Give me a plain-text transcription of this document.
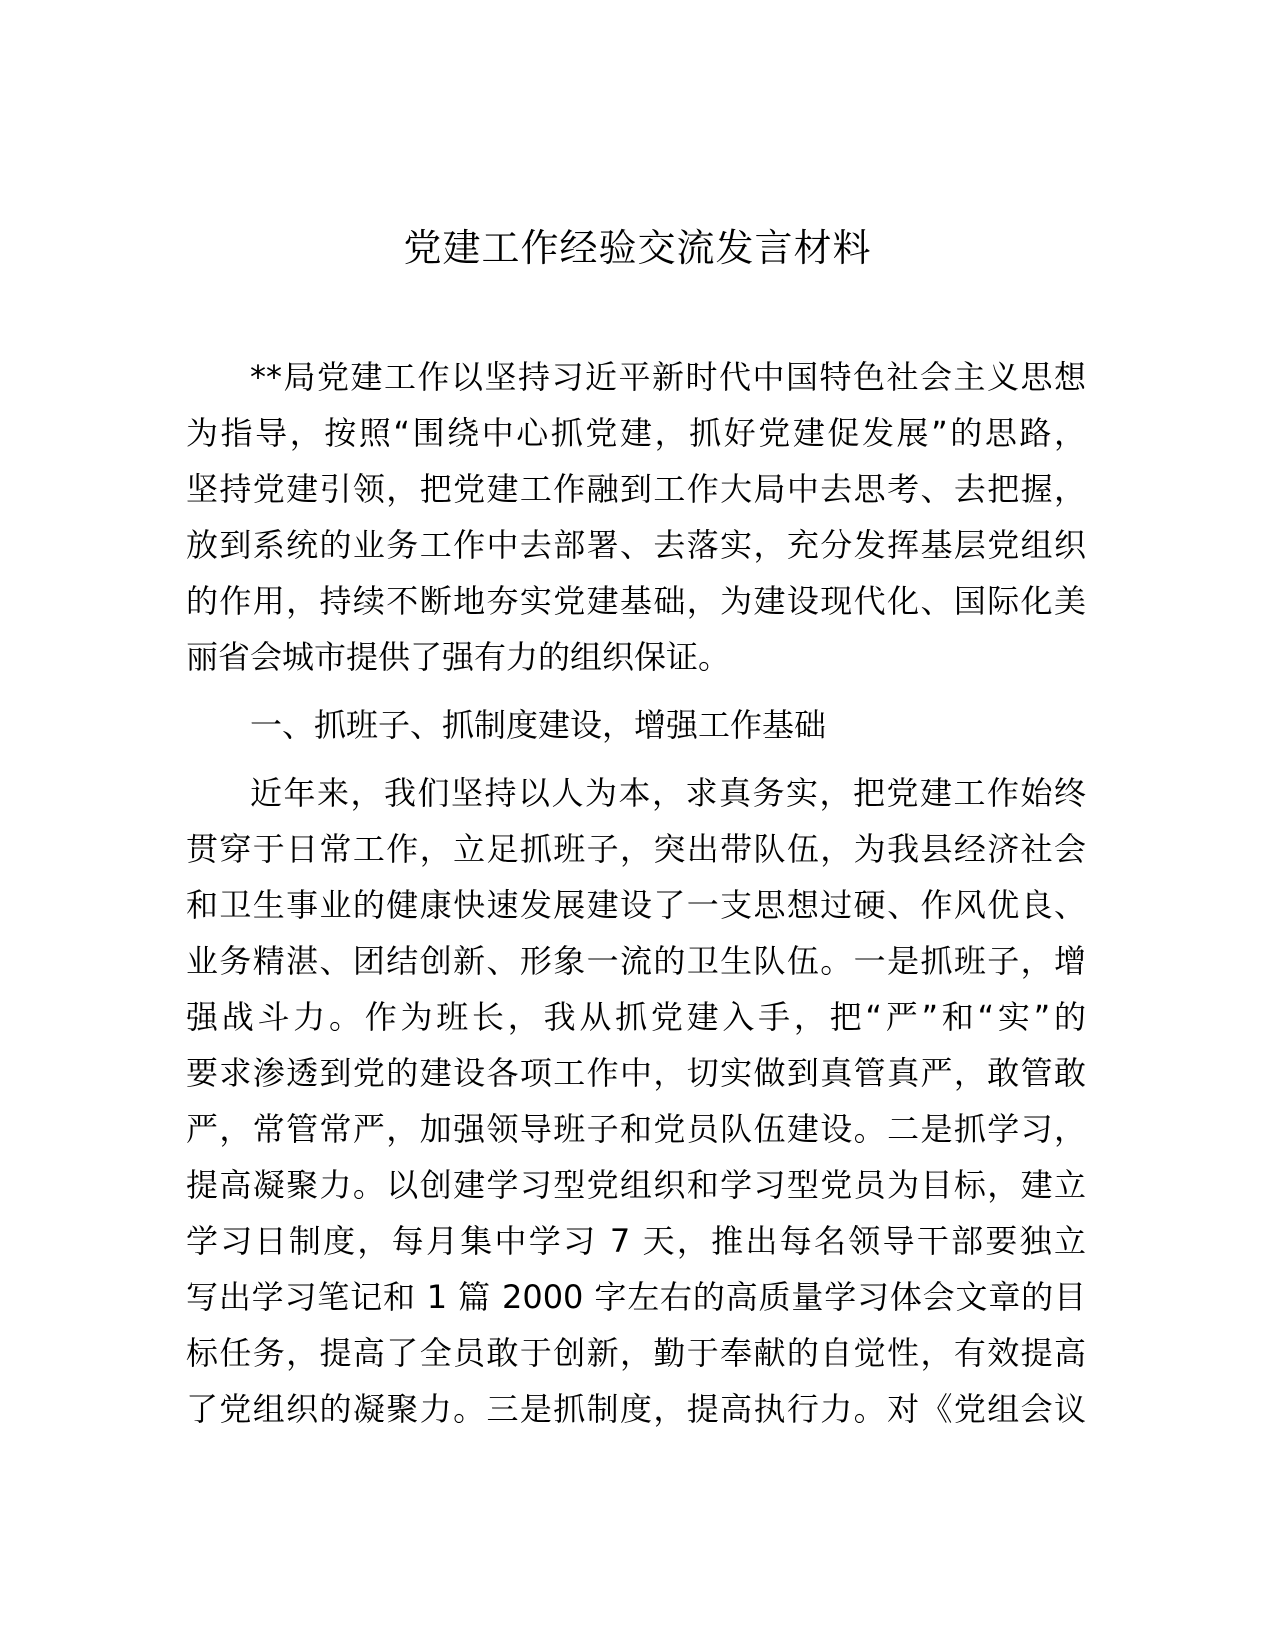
党建工作经验交流发言材料
**局党建工作以坚持习近平新时代中国特色社会主义思想
为指导，按照“围绕中心抓党建，抓好党建促发展”的思路，
坚持党建引领，把党建工作融到工作大局中去思考、去把握，
放到系统的业务工作中去部署、去落实，充分发挥基层党组织
的作用，持续不断地夯实党建基础，为建设现代化、国际化美
丽省会城市提供了强有力的组织保证。
一、抓班子、抓制度建设，增强工作基础
近年来，我们坚持以人为本，求真务实，把党建工作始终
贯穿于日常工作，立足抓班子，突出带队伍，为我县经济社会
和卫生事业的健康快速发展建设了一支思想过硬、作风优良、
业务精湛、团结创新、形象一流的卫生队伍。一是抓班子，增
强战斗力。作为班长，我从抓党建入手，把“严”和“实”的
要求渗透到党的建设各项工作中，切实做到真管真严，敢管敢
严，常管常严，加强领导班子和党员队伍建设。二是抓学习，
提高凝聚力。以创建学习型党组织和学习型党员为目标，建立
学习日制度，每月集中学习 7 天，推出每名领导干部要独立
写出学习笔记和 1 篇 2000 字左右的高质量学习体会文章的目
标任务，提高了全员敢于创新，勤于奉献的自觉性，有效提高
了党组织的凝聚力。三是抓制度，提高执行力。对《党组会议
